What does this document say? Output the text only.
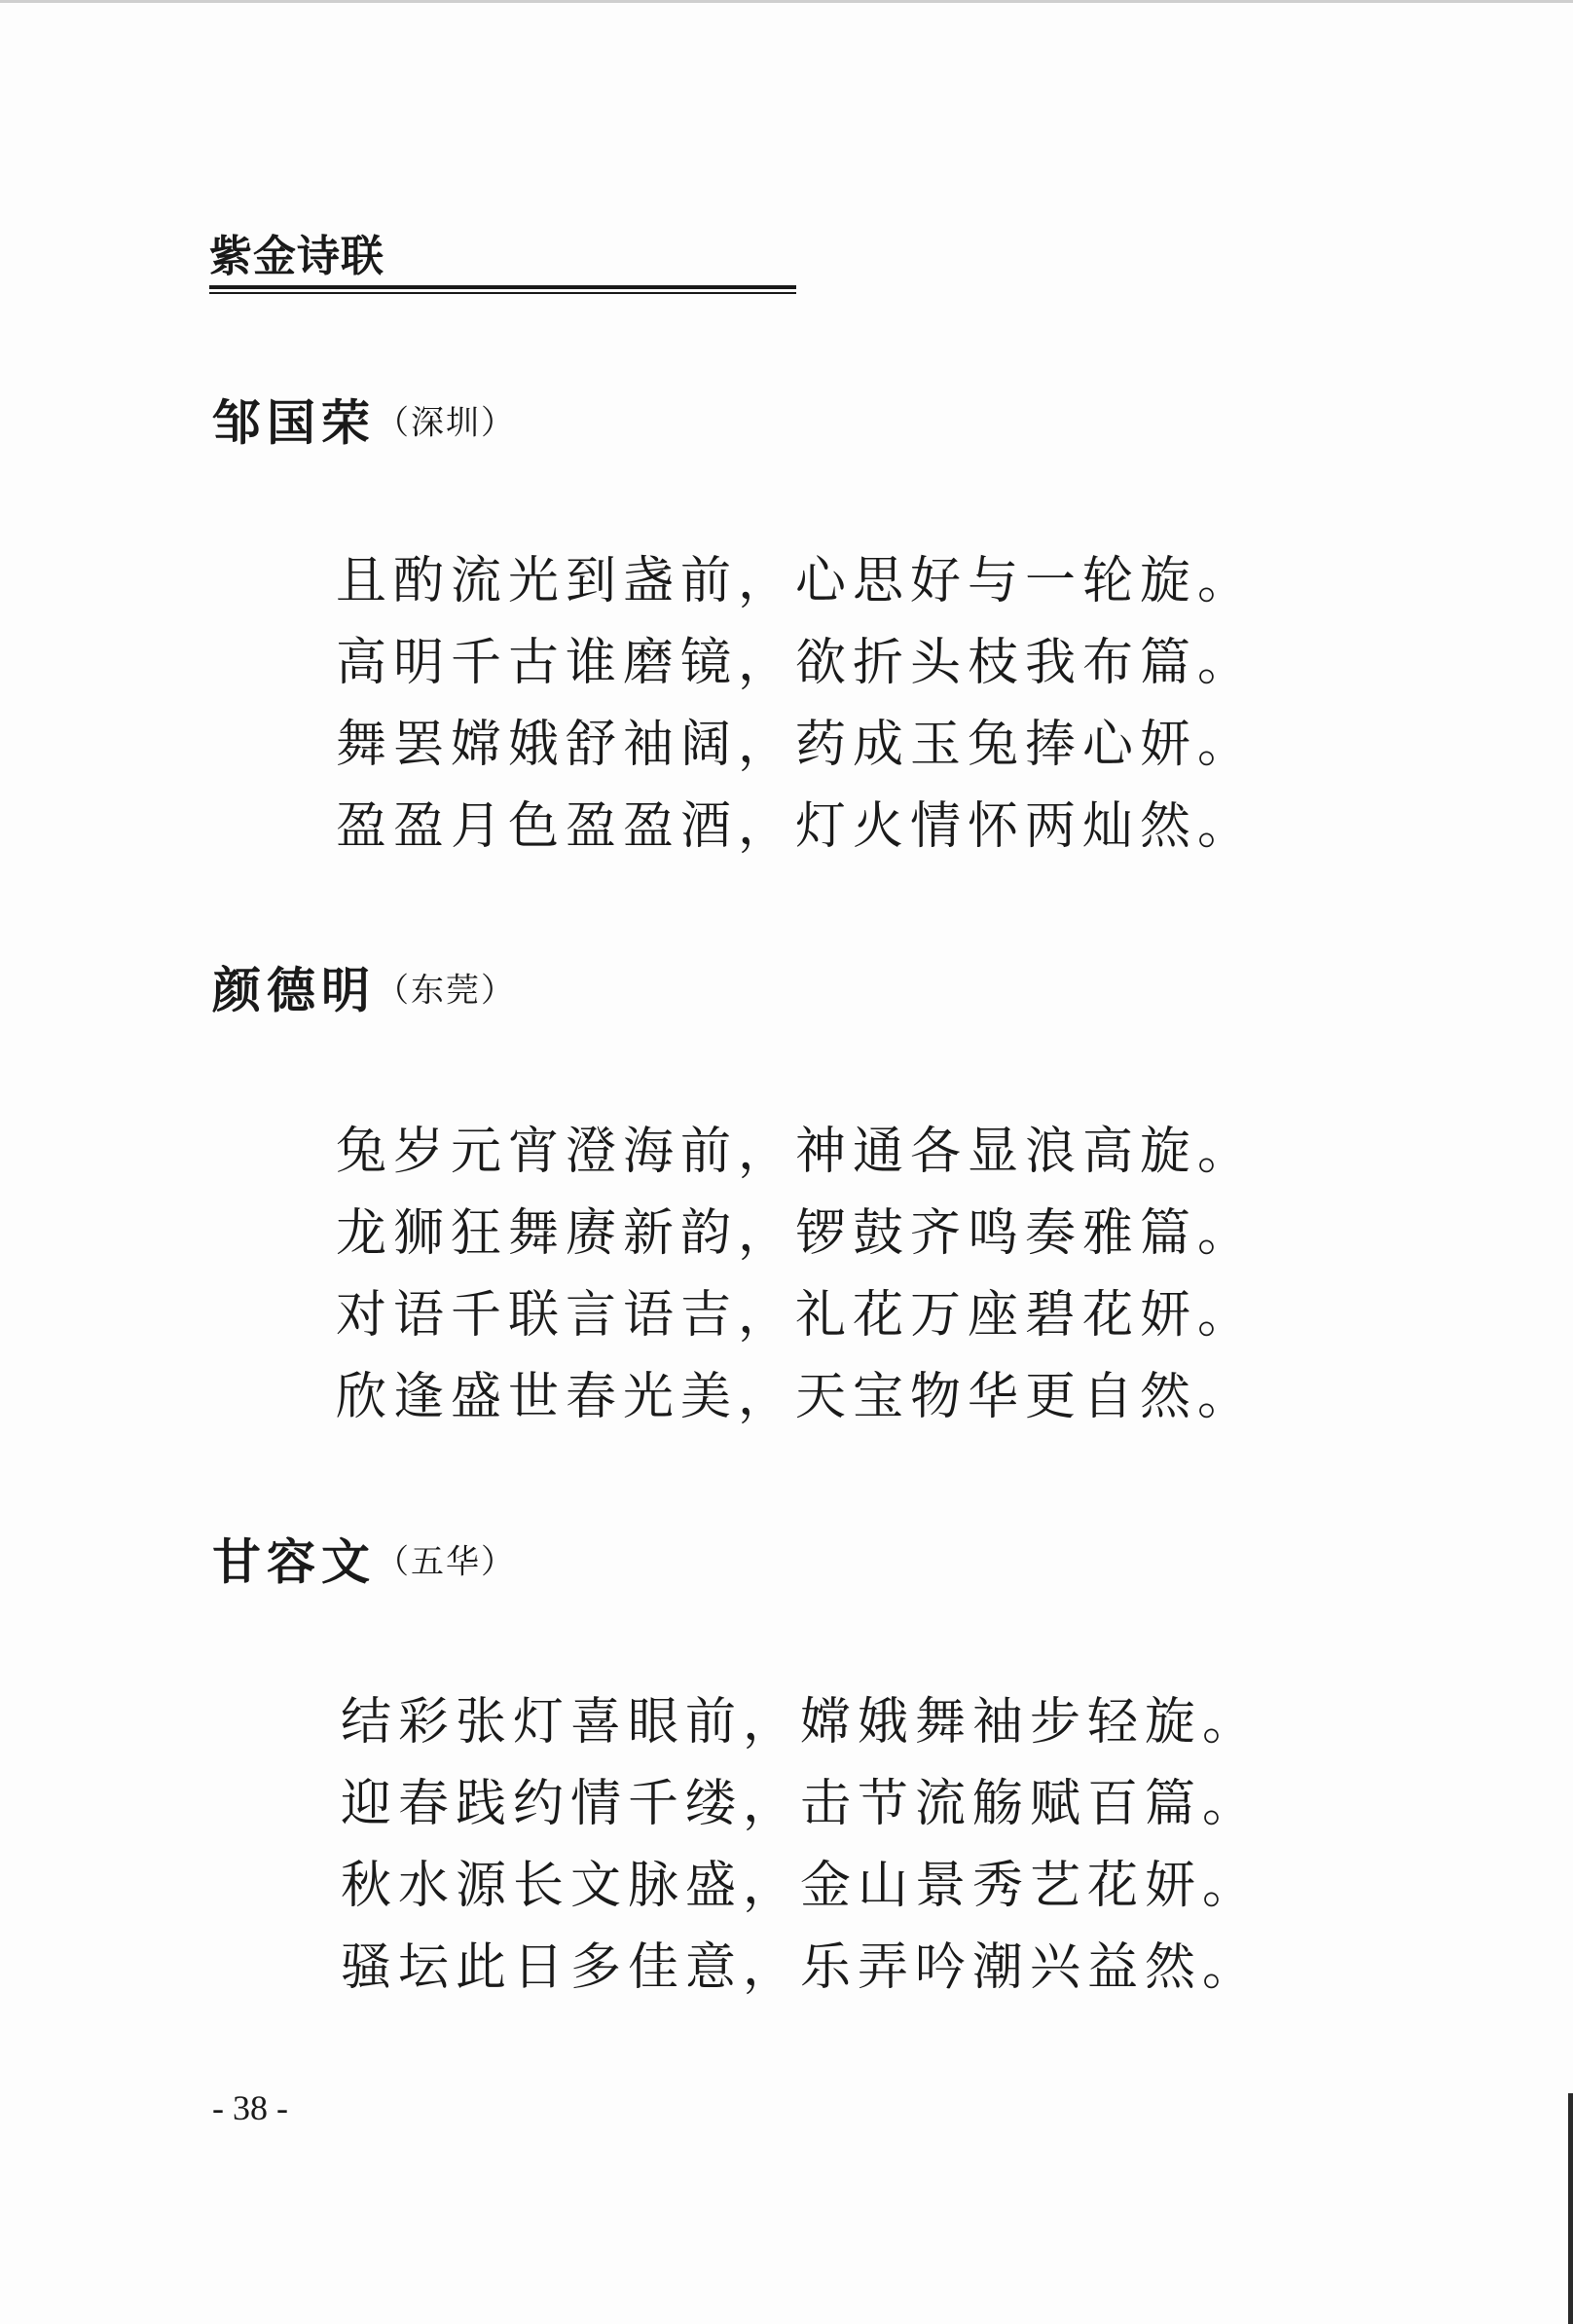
紫金诗联
邹国荣（深圳）
且酌流光到盏前，心思好与一轮旋。
高明千古谁磨镜，欲折头枝我布篇。
舞罢嫦娥舒袖阔，药成玉兔捧心妍。
盈盈月色盈盈酒，灯火情怀两灿然。
颜德明（东莞）
兔岁元宵澄海前，神通各显浪高旋。
龙狮狂舞赓新韵，锣鼓齐鸣奏雅篇。
对语千联言语吉，礼花万座碧花妍。
欣逢盛世春光美，天宝物华更自然。
甘容文（五华）
结彩张灯喜眼前，嫦娥舞袖步轻旋。
迎春践约情千缕，击节流觞赋百篇。
秋水源长文脉盛，金山景秀艺花妍。
骚坛此日多佳意，乐弄吟潮兴益然。
- 38 -
